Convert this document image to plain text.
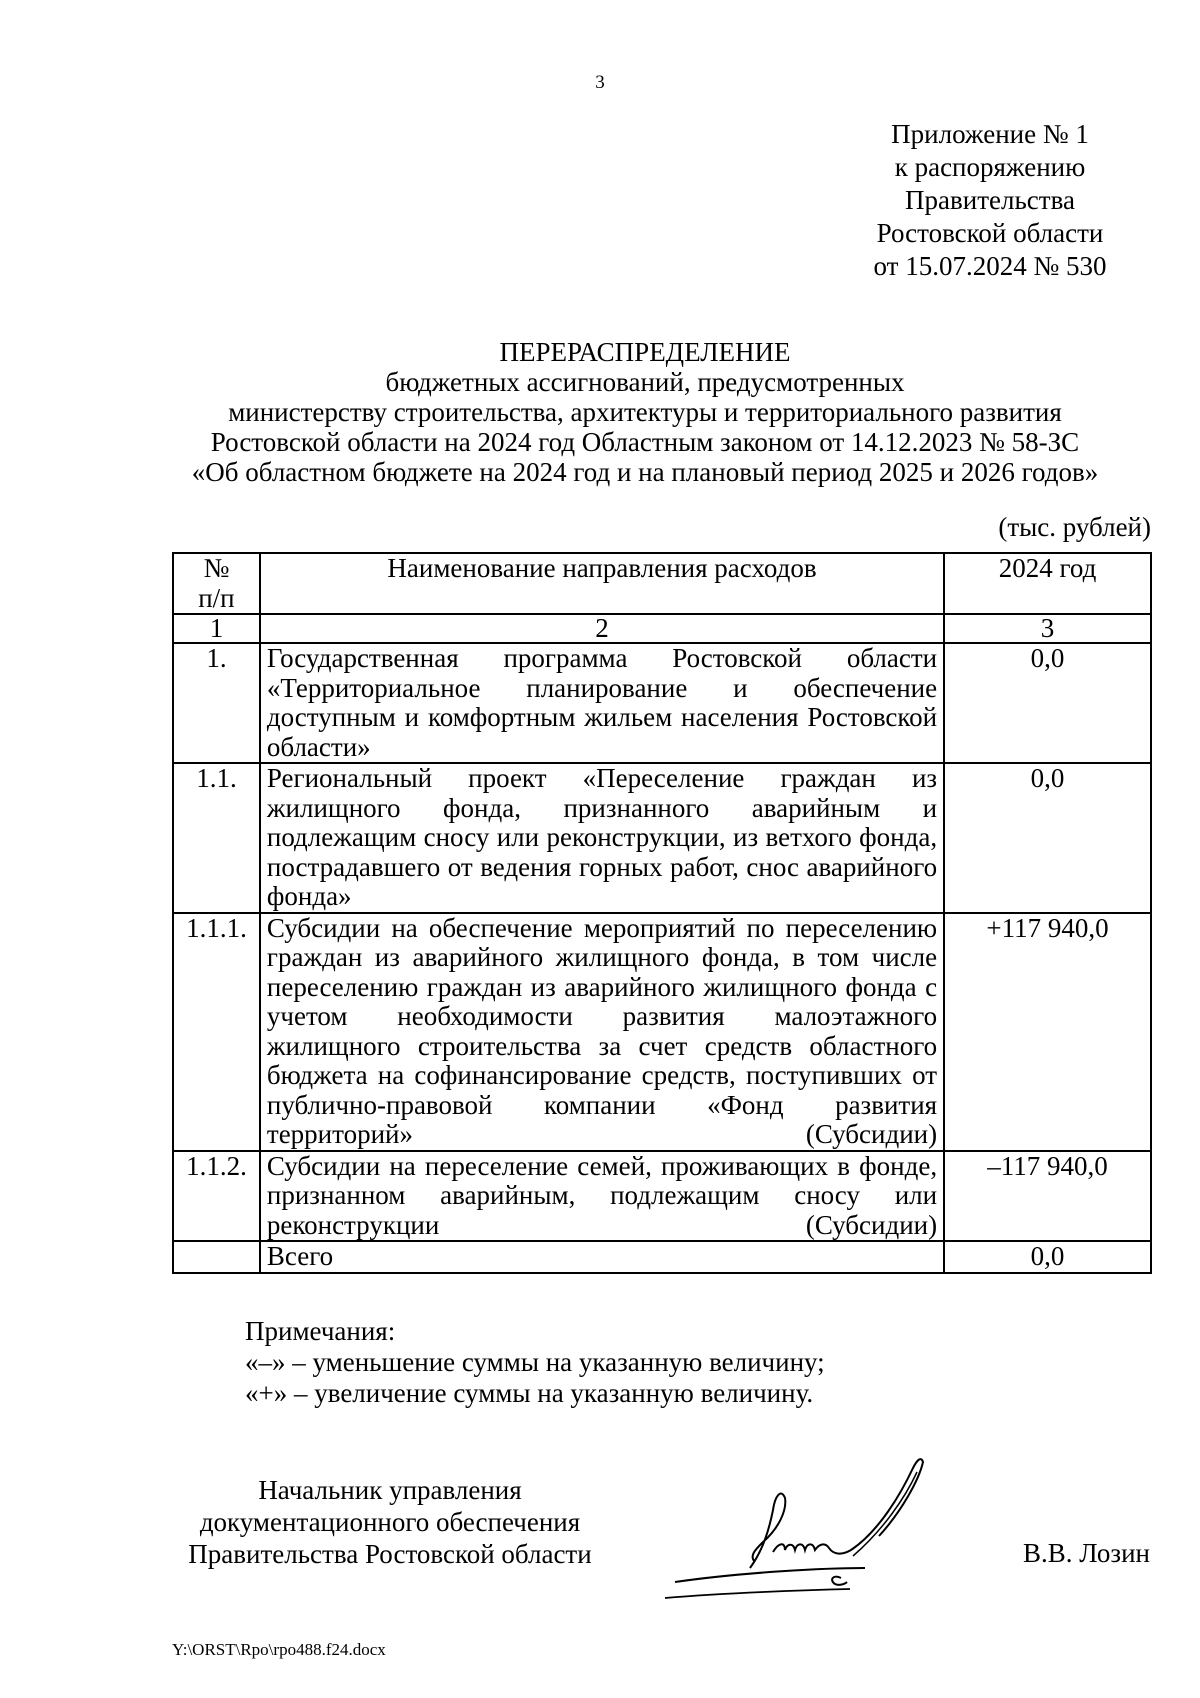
3
Приложение № 1
к распоряжению
Правительства
Ростовской области
от 15.07.2024 № 530
ПЕРЕРАСПРЕДЕЛЕНИЕ
бюджетных ассигнований, предусмотренных
министерству строительства, архитектуры и территориального развития
Ростовской области на 2024 год Областным законом от 14.12.2023 № 58-ЗС
«Об областном бюджете на 2024 год и на плановый период 2025 и 2026 годов»
(тыс. рублей)
№
п/п	Наименование направления расходов	2024 год
1	2	3
1.	Государственная программа Ростовской области «Территориальное планирование и обеспечение доступным и комфортным жильем населения Ростовской области»	0,0
1.1.	Региональный проект «Переселение граждан из жилищного фонда, признанного аварийным и подлежащим сносу или реконструкции, из ветхого фонда, пострадавшего от ведения горных работ, снос аварийного фонда»	0,0
1.1.1.	Субсидии на обеспечение мероприятий по переселению граждан из аварийного жилищного фонда, в том числе переселению граждан из аварийного жилищного фонда с учетом необходимости развития малоэтажного жилищного строительства за счет средств областного бюджета на софинансирование средств, поступивших от публично-правовой компании «Фонд развития территорий» (Субсидии)	+117 940,0
1.1.2.	Субсидии на переселение семей, проживающих в фонде, признанном аварийным, подлежащим сносу или реконструкции (Субсидии)	–117 940,0
	Всего	0,0
Примечания:
«–» – уменьшение суммы на указанную величину;
«+» – увеличение суммы на указанную величину.
Начальник управления
документационного обеспечения
Правительства Ростовской области	В.В. Лозин
Y:\ORST\Rpo\rpo488.f24.docx
